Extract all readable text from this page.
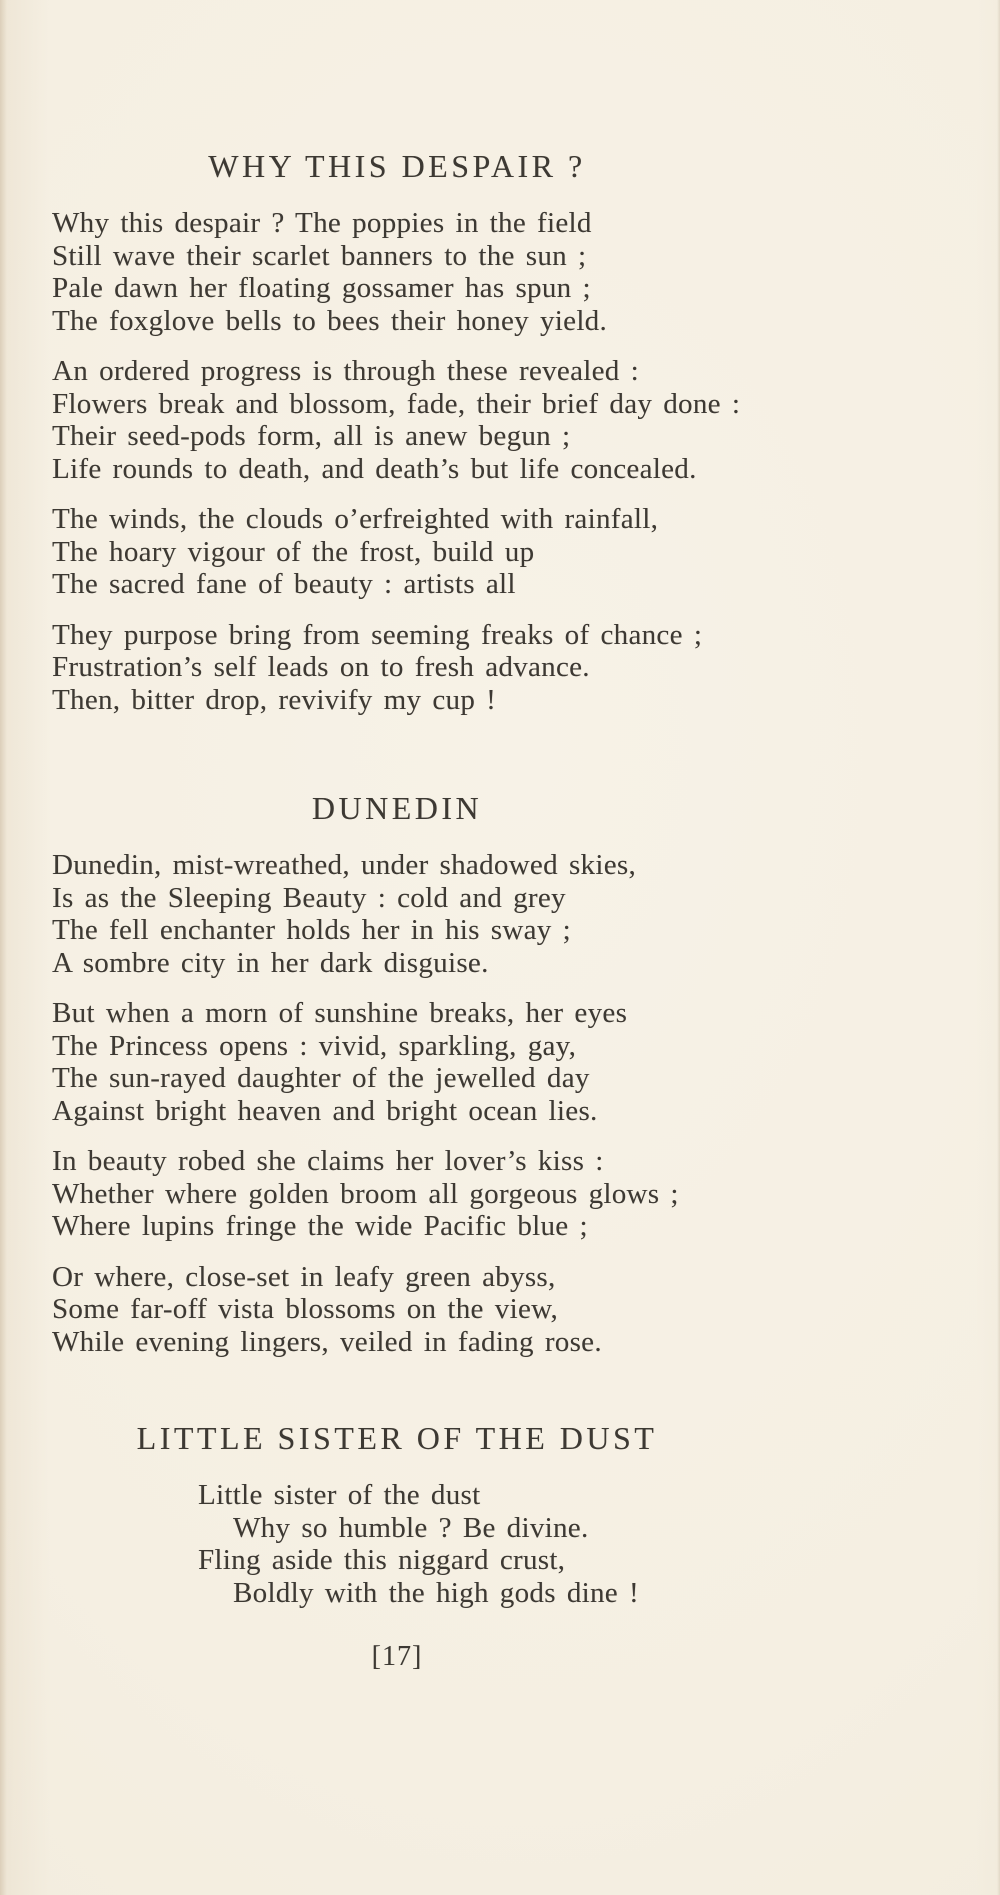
WHY THIS DESPAIR ?
Why this despair ? The poppies in the field
Still wave their scarlet banners to the sun ;
Pale dawn her floating gossamer has spun ;
The foxglove bells to bees their honey yield.
An ordered progress is through these revealed :
Flowers break and blossom, fade, their brief day done :
Their seed-pods form, all is anew begun ;
Life rounds to death, and death’s but life concealed.
The winds, the clouds o’erfreighted with rainfall,
The hoary vigour of the frost, build up
The sacred fane of beauty : artists all
They purpose bring from seeming freaks of chance ;
Frustration’s self leads on to fresh advance.
Then, bitter drop, revivify my cup !
DUNEDIN
Dunedin, mist-wreathed, under shadowed skies,
Is as the Sleeping Beauty : cold and grey
The fell enchanter holds her in his sway ;
A sombre city in her dark disguise.
But when a morn of sunshine breaks, her eyes
The Princess opens : vivid, sparkling, gay,
The sun-rayed daughter of the jewelled day
Against bright heaven and bright ocean lies.
In beauty robed she claims her lover’s kiss :
Whether where golden broom all gorgeous glows ;
Where lupins fringe the wide Pacific blue ;
Or where, close-set in leafy green abyss,
Some far-off vista blossoms on the view,
While evening lingers, veiled in fading rose.
LITTLE SISTER OF THE DUST
Little sister of the dust
Why so humble ? Be divine.
Fling aside this niggard crust,
Boldly with the high gods dine !
[17]
